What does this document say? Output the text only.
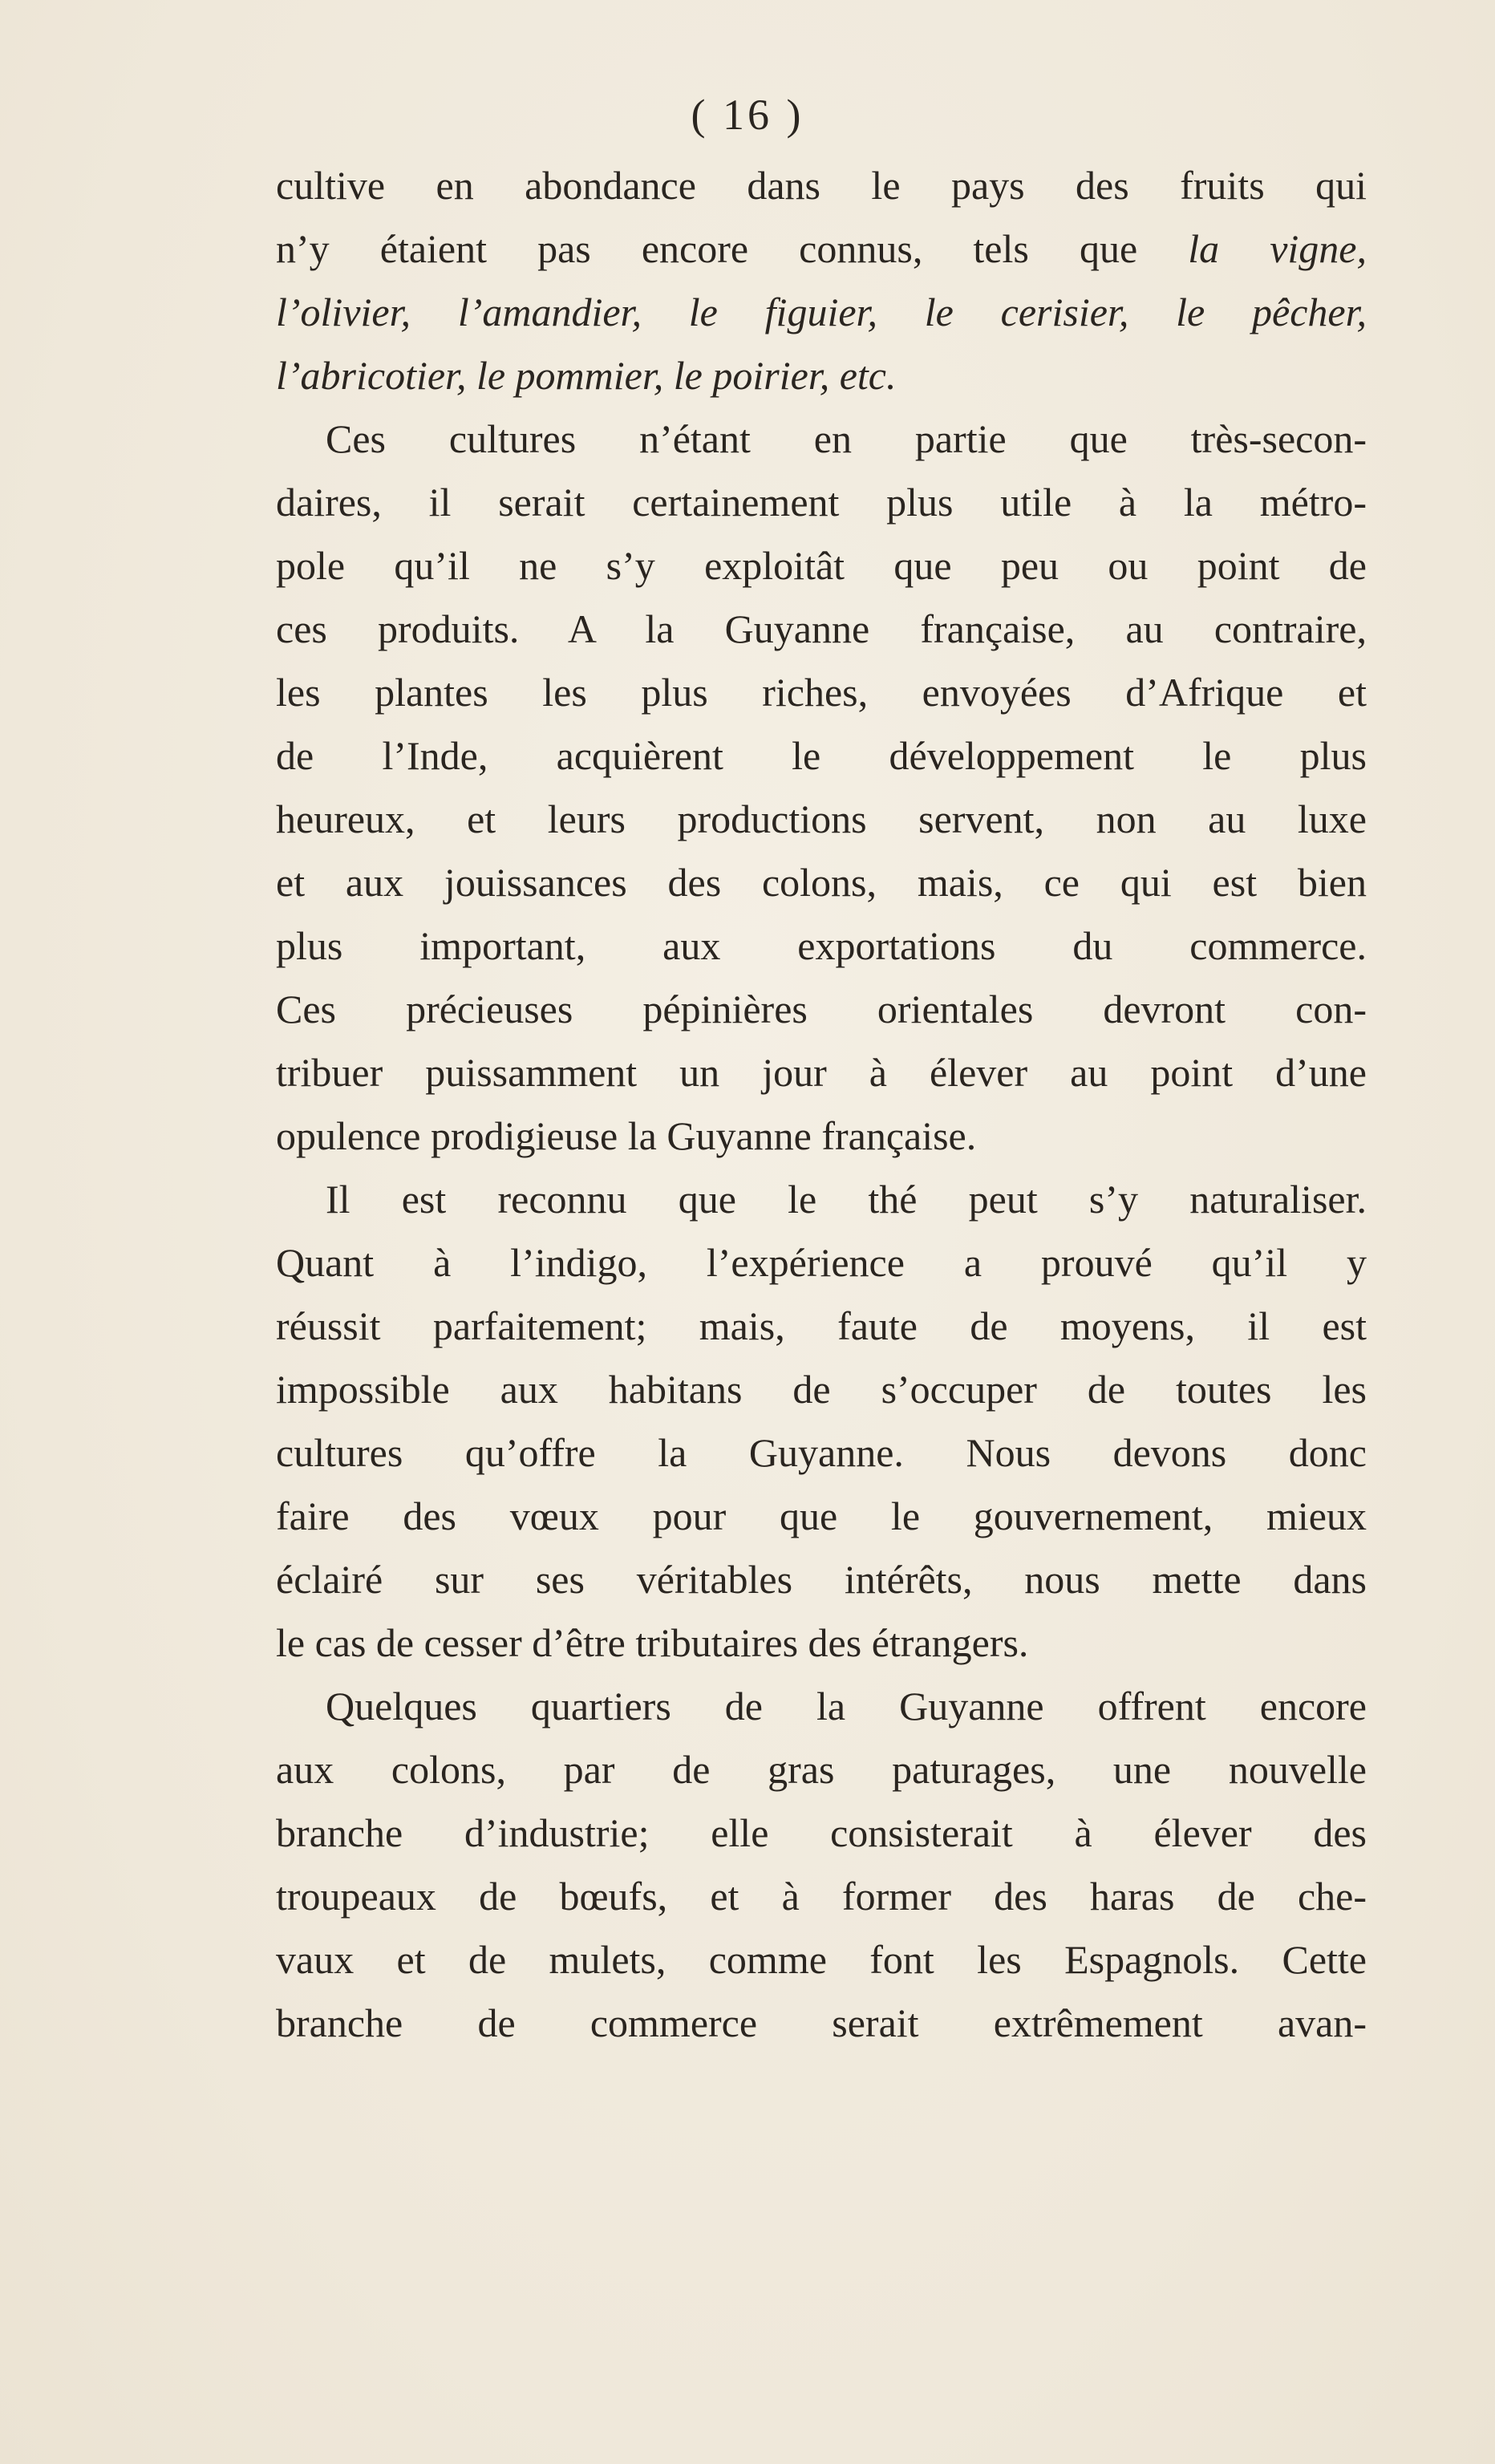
( 16 )
cultive en abondance dans le pays des fruits qui
n’y étaient pas encore connus, tels que la vigne,
l’olivier, l’amandier, le figuier, le cerisier, le pêcher,
l’abricotier, le pommier, le poirier, etc.
Ces cultures n’étant en partie que très-secon-
daires, il serait certainement plus utile à la métro-
pole qu’il ne s’y exploitât que peu ou point de
ces produits. A la Guyanne française, au contraire,
les plantes les plus riches, envoyées d’Afrique et
de l’Inde, acquièrent le développement le plus
heureux, et leurs productions servent, non au luxe
et aux jouissances des colons, mais, ce qui est bien
plus important, aux exportations du commerce.
Ces précieuses pépinières orientales devront con-
tribuer puissamment un jour à élever au point d’une
opulence prodigieuse la Guyanne française.
Il est reconnu que le thé peut s’y naturaliser.
Quant à l’indigo, l’expérience a prouvé qu’il y
réussit parfaitement; mais, faute de moyens, il est
impossible aux habitans de s’occuper de toutes les
cultures qu’offre la Guyanne. Nous devons donc
faire des vœux pour que le gouvernement, mieux
éclairé sur ses véritables intérêts, nous mette dans
le cas de cesser d’être tributaires des étrangers.
Quelques quartiers de la Guyanne offrent encore
aux colons, par de gras paturages, une nouvelle
branche d’industrie; elle consisterait à élever des
troupeaux de bœufs, et à former des haras de che-
vaux et de mulets, comme font les Espagnols. Cette
branche de commerce serait extrêmement avan-
